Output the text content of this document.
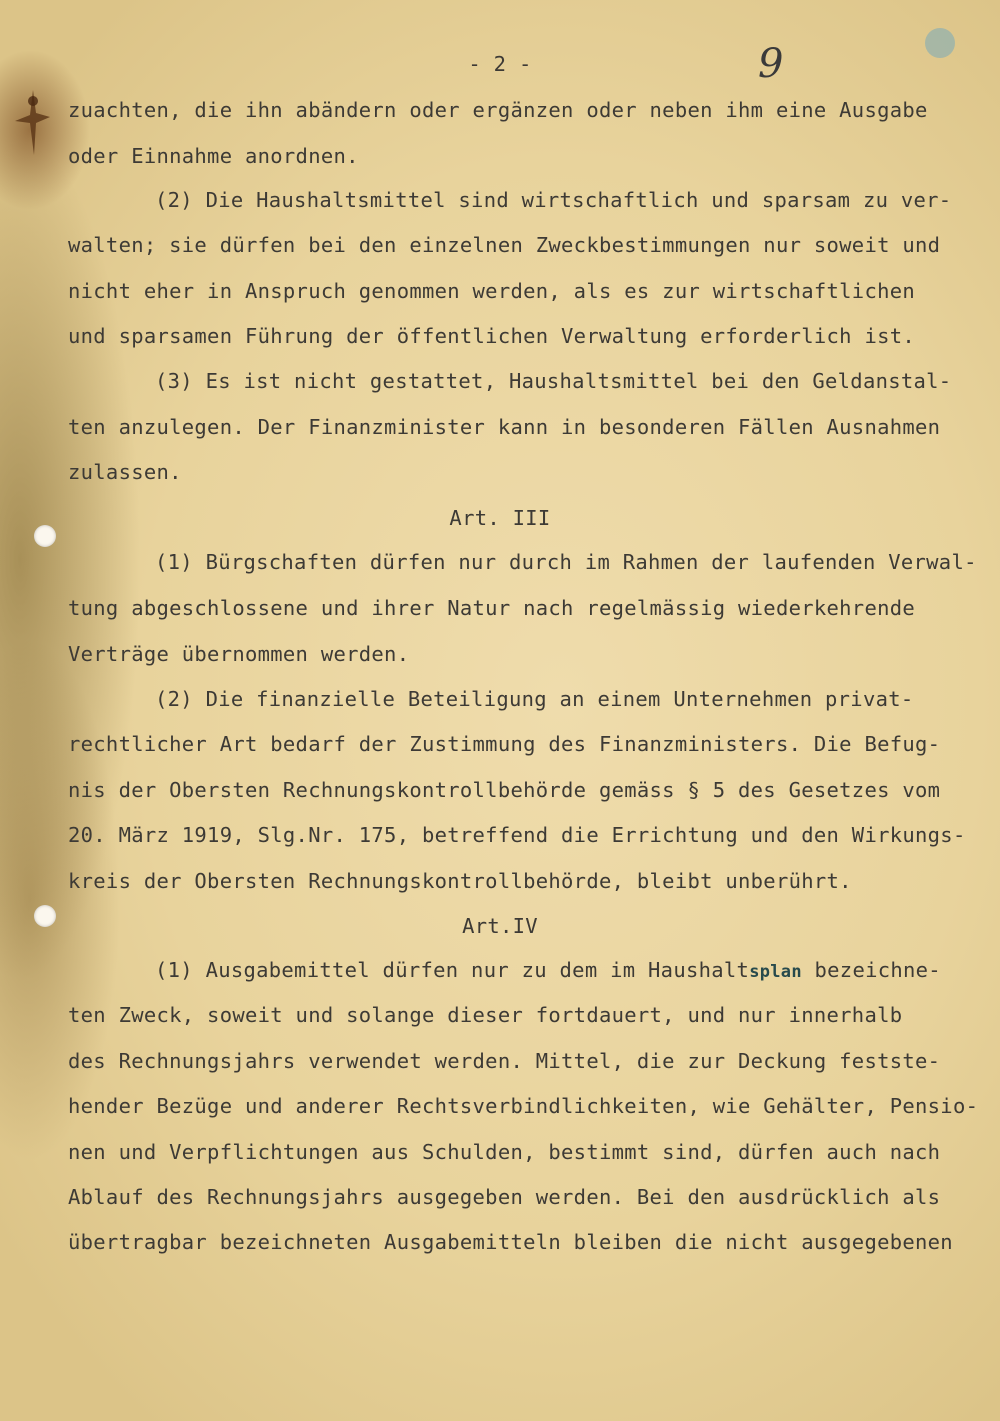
- 2 -	9

zuachten, die ihn abändern oder ergänzen oder neben ihm eine Ausgabe

oder Einnahme anordnen.

(2) Die Haushaltsmittel sind wirtschaftlich und sparsam zu ver-

walten; sie dürfen bei den einzelnen Zweckbestimmungen nur soweit und

nicht eher in Anspruch genommen werden, als es zur wirtschaftlichen

und sparsamen Führung der öffentlichen Verwaltung erforderlich ist.

(3) Es ist nicht gestattet, Haushaltsmittel bei den Geldanstal-

ten anzulegen. Der Finanzminister kann in besonderen Fällen Ausnahmen

zulassen.

Art. III

(1) Bürgschaften dürfen nur durch im Rahmen der laufenden Verwal-

tung abgeschlossene und ihrer Natur nach regelmässig wiederkehrende

Verträge übernommen werden.

(2) Die finanzielle Beteiligung an einem Unternehmen privat-

rechtlicher Art bedarf der Zustimmung des Finanzministers. Die Befug-

nis der Obersten Rechnungskontrollbehörde gemäss § 5 des Gesetzes vom

20. März 1919, Slg.Nr. 175, betreffend die Errichtung und den Wirkungs-

kreis der Obersten Rechnungskontrollbehörde, bleibt unberührt.

Art.IV

(1) Ausgabemittel dürfen nur zu dem im Haushaltsplan bezeichne-

ten Zweck, soweit und solange dieser fortdauert, und nur innerhalb

des Rechnungsjahrs verwendet werden. Mittel, die zur Deckung festste-

hender Bezüge und anderer Rechtsverbindlichkeiten, wie Gehälter, Pensio-

nen und Verpflichtungen aus Schulden, bestimmt sind, dürfen auch nach

Ablauf des Rechnungsjahrs ausgegeben werden. Bei den ausdrücklich als

übertragbar bezeichneten Ausgabemitteln bleiben die nicht ausgegebenen
